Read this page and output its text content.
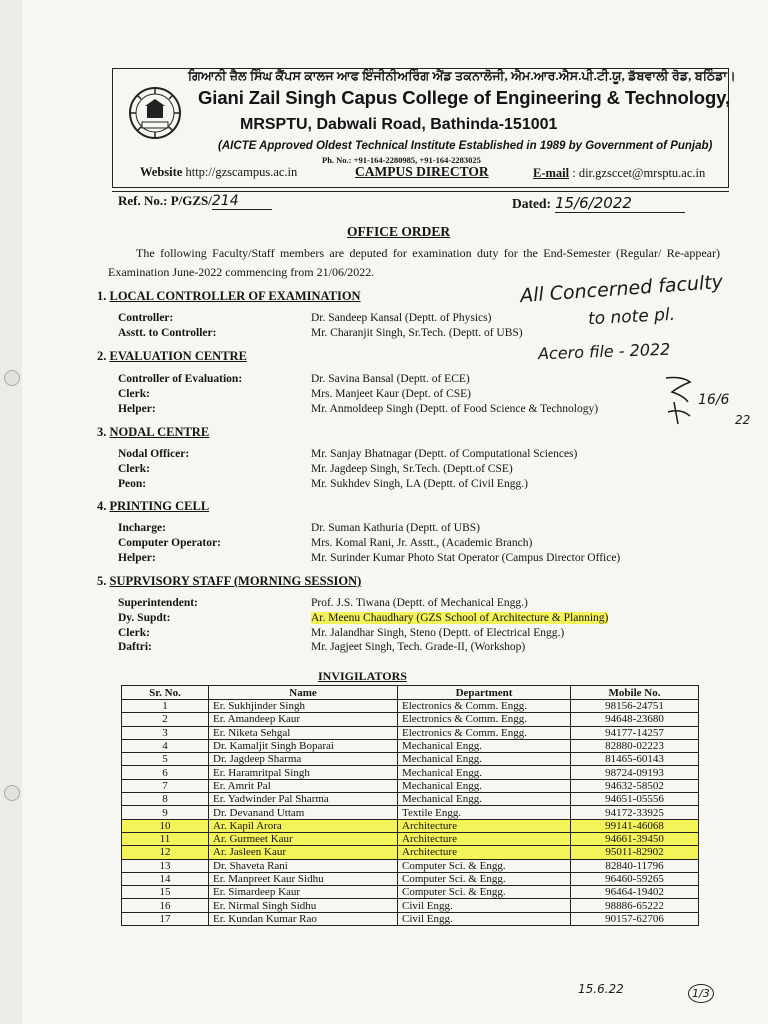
ਗਿਆਨੀ ਜ਼ੈਲ ਸਿੰਘ ਕੈਂਪਸ ਕਾਲਜ ਆਫ ਇੰਜੀਨੀਅਰਿੰਗ ਐਂਡ ਤਕਨਾਲੋਜੀ, ਐਮ.ਆਰ.ਐਸ.ਪੀ.ਟੀ.ਯੂ, ਡੱਬਵਾਲੀ ਰੋਡ, ਬਠਿੰਡਾ।
Giani Zail Singh Capus College of Engineering & Technology,
MRSPTU, Dabwali Road, Bathinda-151001
(AICTE Approved Oldest Technical Institute Established in 1989 by Government of Punjab)
Ph. No.: +91-164-2280985, +91-164-2283025
Website http://gzscampus.ac.in	CAMPUS DIRECTOR	E-mail : dir.gzsccet@mrsptu.ac.in
Ref. No.: P/GZS/214	Dated: 15/6/2022
OFFICE ORDER
The following Faculty/Staff members are deputed for examination duty for the End-Semester (Regular/ Re-appear) Examination June-2022 commencing from 21/06/2022.
1. LOCAL CONTROLLER OF EXAMINATION
Controller:	Dr. Sandeep Kansal (Deptt. of Physics)
Asstt. to Controller:	Mr. Charanjit Singh, Sr.Tech. (Deptt. of UBS)
2. EVALUATION CENTRE
Controller of Evaluation:	Dr. Savina Bansal (Deptt. of ECE)
Clerk:	Mrs. Manjeet Kaur (Dept. of CSE)
Helper:	Mr. Anmoldeep Singh (Deptt. of Food Science & Technology)
3. NODAL CENTRE
Nodal Officer:	Mr. Sanjay Bhatnagar (Deptt. of Computational Sciences)
Clerk:	Mr. Jagdeep Singh, Sr.Tech. (Deptt.of CSE)
Peon:	Mr. Sukhdev Singh, LA (Deptt. of Civil Engg.)
4. PRINTING CELL
Incharge:	Dr. Suman Kathuria (Deptt. of UBS)
Computer Operator:	Mrs. Komal Rani, Jr. Asstt., (Academic Branch)
Helper:	Mr. Surinder Kumar Photo Stat Operator (Campus Director Office)
5. SUPRVISORY STAFF (MORNING SESSION)
Superintendent:	Prof. J.S. Tiwana (Deptt. of Mechanical Engg.)
Dy. Supdt:	Ar. Meenu Chaudhary (GZS School of Architecture & Planning)
Clerk:	Mr. Jalandhar Singh, Steno (Deptt. of Electrical Engg.)
Daftri:	Mr. Jagjeet Singh, Tech. Grade-II, (Workshop)
INVIGILATORS
Sr. No.	Name	Department	Mobile No.
1	Er. Sukhjinder Singh	Electronics & Comm. Engg.	98156-24751
2	Er. Amandeep Kaur	Electronics & Comm. Engg.	94648-23680
3	Er. Niketa Sehgal	Electronics & Comm. Engg.	94177-14257
4	Dr. Kamaljit Singh Boparai	Mechanical Engg.	82880-02223
5	Dr. Jagdeep Sharma	Mechanical Engg.	81465-60143
6	Er. Haramritpal Singh	Mechanical Engg.	98724-09193
7	Er. Amrit Pal	Mechanical Engg.	94632-58502
8	Er. Yadwinder Pal Sharma	Mechanical Engg.	94651-05556
9	Dr. Devanand Uttam	Textile Engg.	94172-33925
10	Ar. Kapil Arora	Architecture	99141-46068
11	Ar. Gurmeet Kaur	Architecture	94661-39450
12	Ar. Jasleen Kaur	Architecture	95011-82902
13	Dr. Shaveta Rani	Computer Sci. & Engg.	82840-11796
14	Er. Manpreet Kaur Sidhu	Computer Sci. & Engg.	96460-59265
15	Er. Simardeep Kaur	Computer Sci. & Engg.	96464-19402
16	Er. Nirmal Singh Sidhu	Civil Engg.	98886-65222
17	Er. Kundan Kumar Rao	Civil Engg.	90157-62706
All Concerned faculty
to note pl.
Acero file - 2022
16/6
22
15.6.22	1/3
